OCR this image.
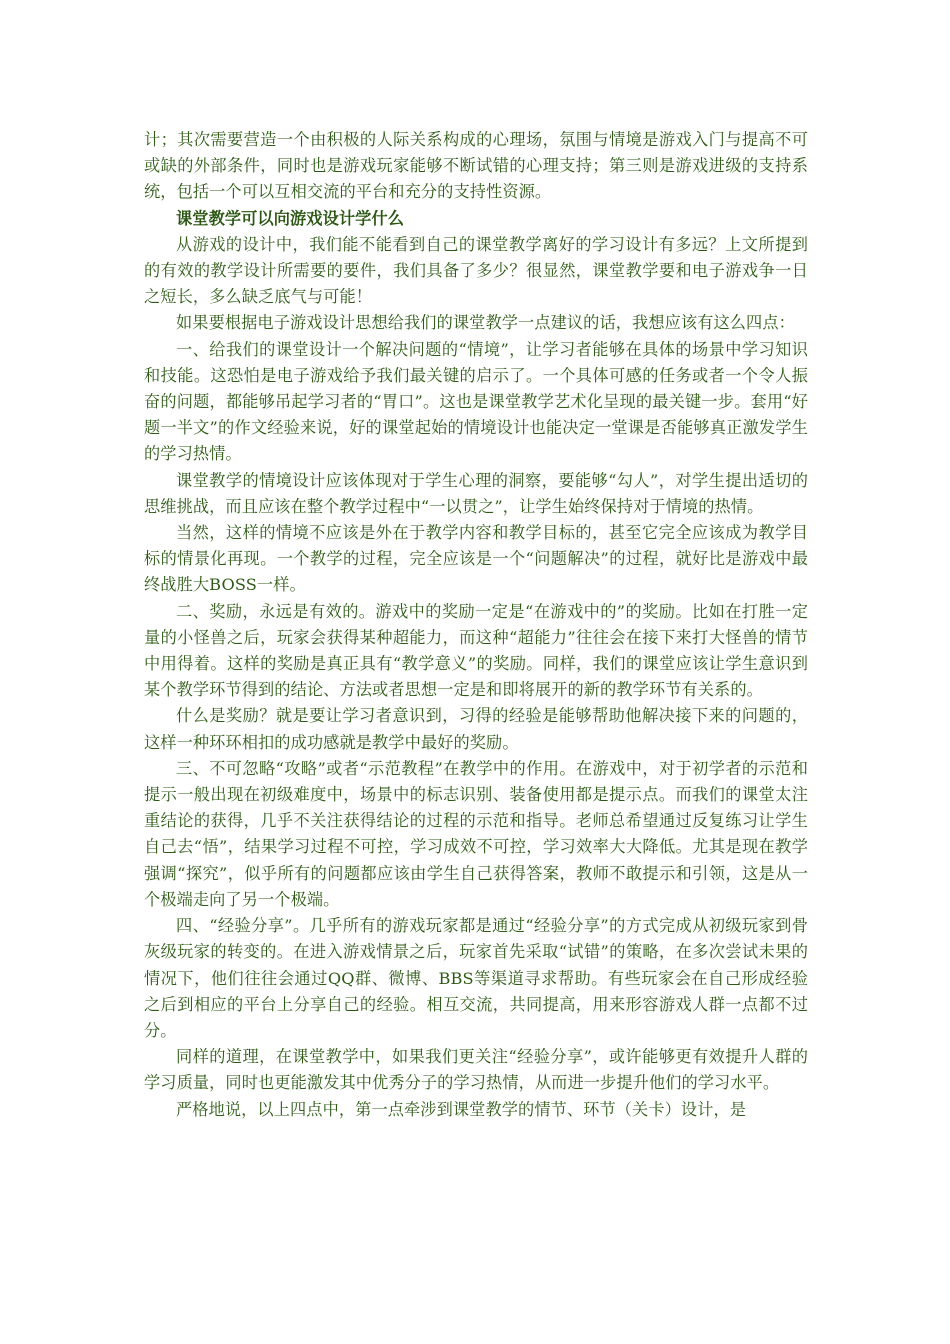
计；其次需要营造一个由积极的人际关系构成的心理场，氛围与情境是游戏入门与提高不可或缺的外部条件，同时也是游戏玩家能够不断试错的心理支持；第三则是游戏进级的支持系统，包括一个可以互相交流的平台和充分的支持性资源。

课堂教学可以向游戏设计学什么

从游戏的设计中，我们能不能看到自己的课堂教学离好的学习设计有多远？上文所提到的有效的教学设计所需要的要件，我们具备了多少？很显然，课堂教学要和电子游戏争一日之短长，多么缺乏底气与可能！

如果要根据电子游戏设计思想给我们的课堂教学一点建议的话，我想应该有这么四点：

一、给我们的课堂设计一个解决问题的“情境”，让学习者能够在具体的场景中学习知识和技能。这恐怕是电子游戏给予我们最关键的启示了。一个具体可感的任务或者一个令人振奋的问题，都能够吊起学习者的“胃口”。这也是课堂教学艺术化呈现的最关键一步。套用“好题一半文”的作文经验来说，好的课堂起始的情境设计也能决定一堂课是否能够真正激发学生的学习热情。

课堂教学的情境设计应该体现对于学生心理的洞察，要能够“勾人”，对学生提出适切的思维挑战，而且应该在整个教学过程中“一以贯之”，让学生始终保持对于情境的热情。

当然，这样的情境不应该是外在于教学内容和教学目标的，甚至它完全应该成为教学目标的情景化再现。一个教学的过程，完全应该是一个“问题解决”的过程，就好比是游戏中最终战胜大BOSS一样。

二、奖励，永远是有效的。游戏中的奖励一定是“在游戏中的”的奖励。比如在打胜一定量的小怪兽之后，玩家会获得某种超能力，而这种“超能力”往往会在接下来打大怪兽的情节中用得着。这样的奖励是真正具有“教学意义”的奖励。同样，我们的课堂应该让学生意识到某个教学环节得到的结论、方法或者思想一定是和即将展开的新的教学环节有关系的。

什么是奖励？就是要让学习者意识到，习得的经验是能够帮助他解决接下来的问题的，这样一种环环相扣的成功感就是教学中最好的奖励。

三、不可忽略“攻略”或者“示范教程”在教学中的作用。在游戏中，对于初学者的示范和提示一般出现在初级难度中，场景中的标志识别、装备使用都是提示点。而我们的课堂太注重结论的获得，几乎不关注获得结论的过程的示范和指导。老师总希望通过反复练习让学生自己去“悟”，结果学习过程不可控，学习成效不可控，学习效率大大降低。尤其是现在教学强调“探究”，似乎所有的问题都应该由学生自己获得答案，教师不敢提示和引领，这是从一个极端走向了另一个极端。

四、“经验分享”。几乎所有的游戏玩家都是通过“经验分享”的方式完成从初级玩家到骨灰级玩家的转变的。在进入游戏情景之后，玩家首先采取“试错”的策略，在多次尝试未果的情况下，他们往往会通过QQ群、微博、BBS等渠道寻求帮助。有些玩家会在自己形成经验之后到相应的平台上分享自己的经验。相互交流，共同提高，用来形容游戏人群一点都不过分。

同样的道理，在课堂教学中，如果我们更关注“经验分享”，或许能够更有效提升人群的学习质量，同时也更能激发其中优秀分子的学习热情，从而进一步提升他们的学习水平。

严格地说，以上四点中，第一点牵涉到课堂教学的情节、环节（关卡）设计，是
